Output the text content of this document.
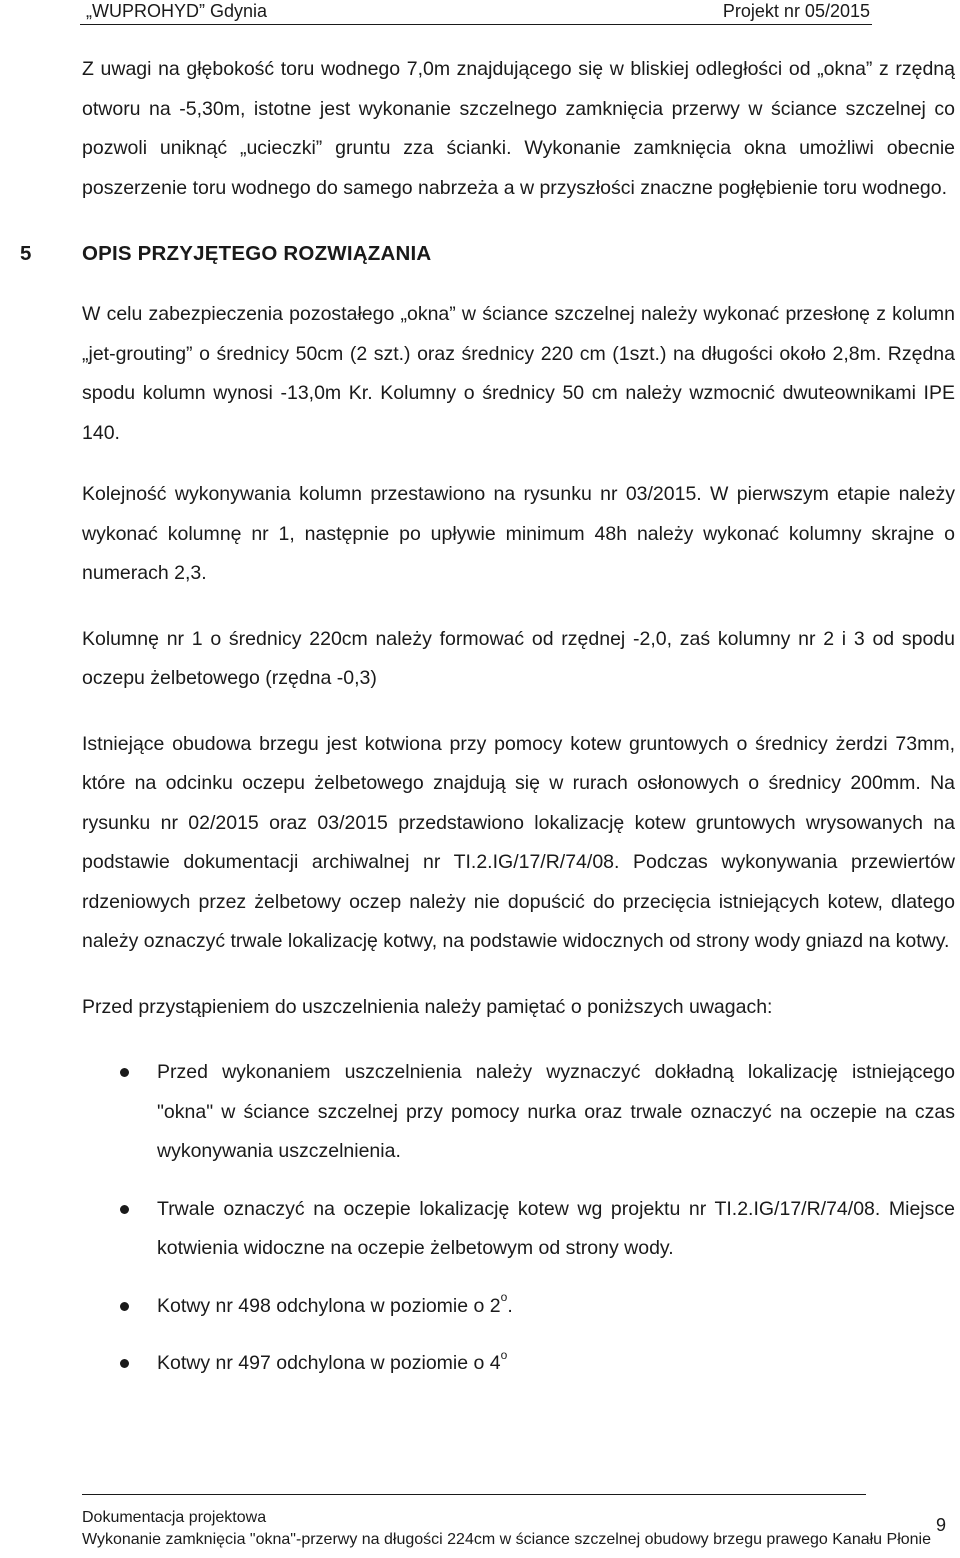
„WUPROHYD” Gdynia	Projekt nr 05/2015

Z uwagi na głębokość toru wodnego 7,0m znajdującego się w bliskiej odległości od „okna” z rzędną otworu na -5,30m, istotne jest wykonanie szczelnego zamknięcia przerwy w ściance szczelnej co pozwoli uniknąć „ucieczki” gruntu zza ścianki. Wykonanie zamknięcia okna umożliwi obecnie poszerzenie toru wodnego do samego nabrzeża a w przyszłości znaczne pogłębienie toru wodnego.

5 OPIS PRZYJĘTEGO ROZWIĄZANIA

W celu zabezpieczenia pozostałego „okna” w ściance szczelnej należy wykonać przesłonę z kolumn „jet-grouting” o średnicy 50cm (2 szt.) oraz średnicy 220 cm (1szt.) na długości około 2,8m. Rzędna spodu kolumn wynosi -13,0m Kr. Kolumny o średnicy 50 cm należy wzmocnić dwuteownikami IPE 140.

Kolejność wykonywania kolumn przestawiono na rysunku nr 03/2015. W pierwszym etapie należy wykonać kolumnę nr 1, następnie po upływie minimum 48h należy wykonać kolumny skrajne o numerach 2,3.

Kolumnę nr 1 o średnicy 220cm należy formować od rzędnej -2,0, zaś kolumny nr 2 i 3 od spodu oczepu żelbetowego (rzędna -0,3)

Istniejące obudowa brzegu jest kotwiona przy pomocy kotew gruntowych o średnicy żerdzi 73mm, które na odcinku oczepu żelbetowego znajdują się w rurach osłonowych o średnicy 200mm. Na rysunku nr 02/2015 oraz 03/2015 przedstawiono lokalizację kotew gruntowych wrysowanych na podstawie dokumentacji archiwalnej nr TI.2.IG/17/R/74/08. Podczas wykonywania przewiertów rdzeniowych przez żelbetowy oczep należy nie dopuścić do przecięcia istniejących kotew, dlatego należy oznaczyć trwale lokalizację kotwy, na podstawie widocznych od strony wody gniazd na kotwy.

Przed przystąpieniem do uszczelnienia należy pamiętać o poniższych uwagach:

Przed wykonaniem uszczelnienia należy wyznaczyć dokładną lokalizację istniejącego "okna" w ściance szczelnej przy pomocy nurka oraz trwale oznaczyć na oczepie na czas wykonywania uszczelnienia.
Trwale oznaczyć na oczepie lokalizację kotew wg projektu nr TI.2.IG/17/R/74/08. Miejsce kotwienia widoczne na oczepie żelbetowym od strony wody.
Kotwy nr 498 odchylona w poziomie o 2$^o$.
Kotwy nr 497 odchylona w poziomie o 4$^o$
Dokumentacja projektowa
Wykonanie zamknięcia "okna"-przerwy na długości 224cm w ściance szczelnej obudowy brzegu prawego Kanału Płonie
9
